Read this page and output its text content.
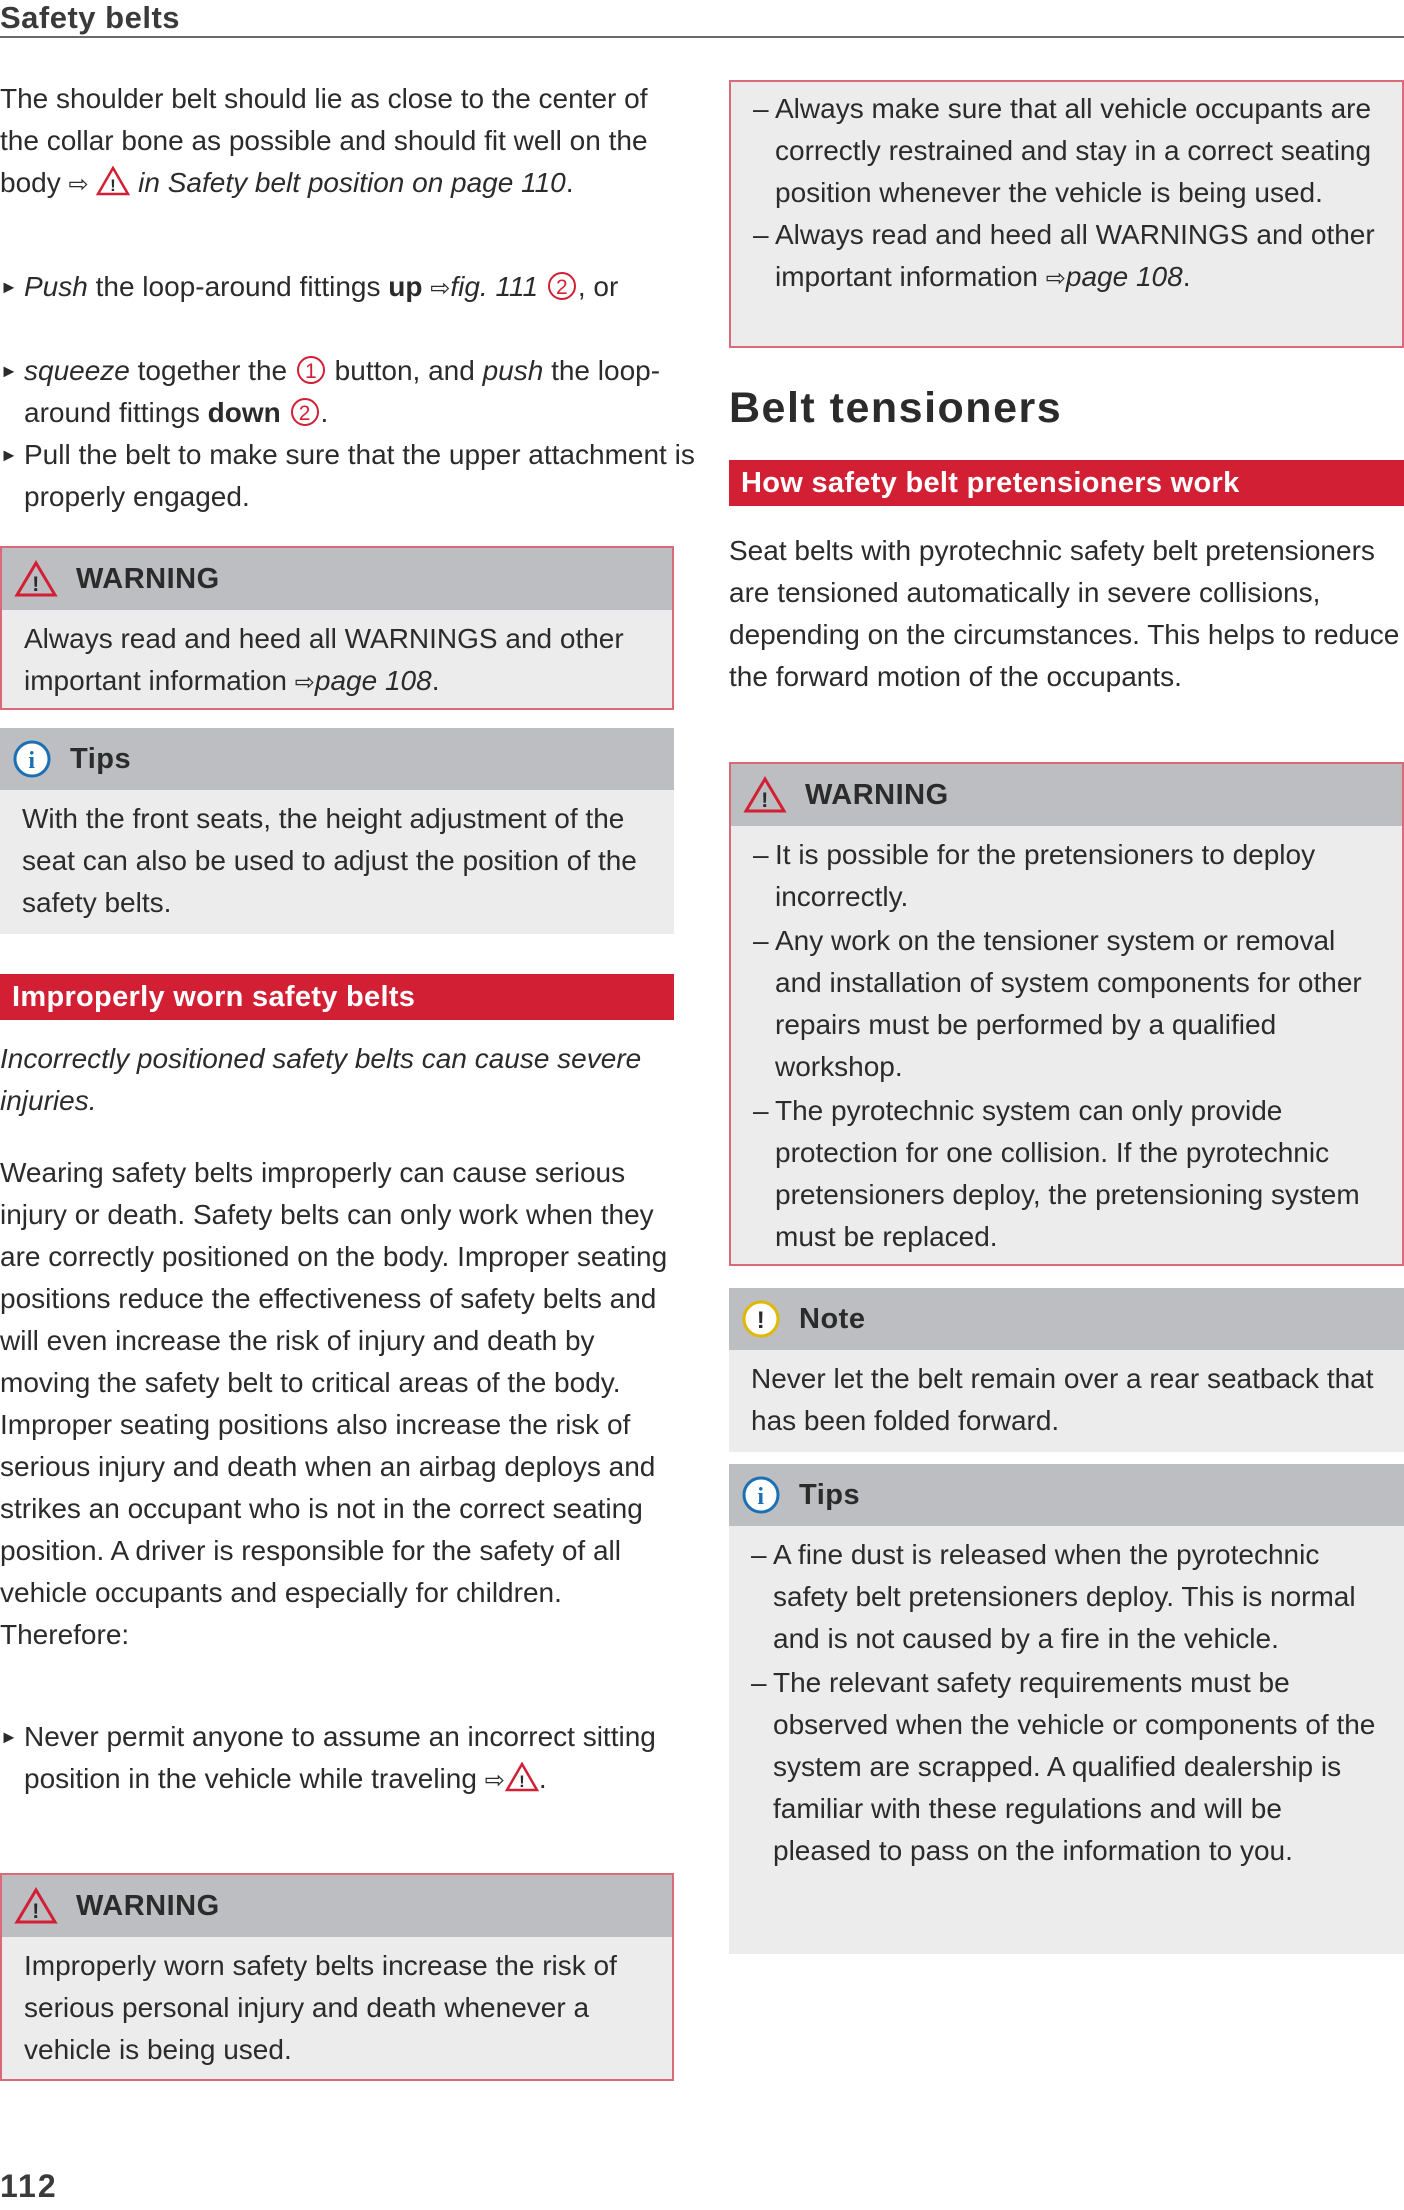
Safety belts

The shoulder belt should lie as close to the center of the collar bone as possible and should fit well on the body ⇨ ! in Safety belt position on page 110.

► Push the loop-around fittings up ⇨fig. 111 2 , or
► squeeze together the 1 button, and push the loop-around fittings down 2 .
► Pull the belt to make sure that the upper attachment is properly engaged.
! WARNING

Always read and heed all WARNINGS and other important information ⇨page 108.

i Tips

With the front seats, the height adjustment of the seat can also be used to adjust the position of the safety belts.

Improperly worn safety belts

Incorrectly positioned safety belts can cause severe injuries.

Wearing safety belts improperly can cause serious injury or death. Safety belts can only work when they are correctly positioned on the body. Improper seating positions reduce the effectiveness of safety belts and will even increase the risk of injury and death by moving the safety belt to critical areas of the body. Improper seating positions also increase the risk of serious injury and death when an airbag deploys and strikes an occupant who is not in the correct seating position. A driver is responsible for the safety of all vehicle occupants and especially for children. Therefore:

► Never permit anyone to assume an incorrect sitting position in the vehicle while traveling ⇨ ! .
! WARNING

Improperly worn safety belts increase the risk of serious personal injury and death whenever a vehicle is being used.

– Always make sure that all vehicle occupants are correctly restrained and stay in a correct seating position whenever the vehicle is being used.
– Always read and heed all WARNINGS and other important information ⇨page 108.
Belt tensioners
How safety belt pretensioners work

Seat belts with pyrotechnic safety belt pretensioners are tensioned automatically in severe collisions, depending on the circumstances. This helps to reduce the forward motion of the occupants.

! WARNING
– It is possible for the pretensioners to deploy incorrectly.
– Any work on the tensioner system or removal and installation of system components for other repairs must be performed by a qualified workshop.
– The pyrotechnic system can only provide protection for one collision. If the pyrotechnic pretensioners deploy, the pretensioning system must be replaced.
! Note

Never let the belt remain over a rear seatback that has been folded forward.

i Tips
– A fine dust is released when the pyrotechnic safety belt pretensioners deploy. This is normal and is not caused by a fire in the vehicle.
– The relevant safety requirements must be observed when the vehicle or components of the system are scrapped. A qualified dealership is familiar with these regulations and will be pleased to pass on the information to you.
112
